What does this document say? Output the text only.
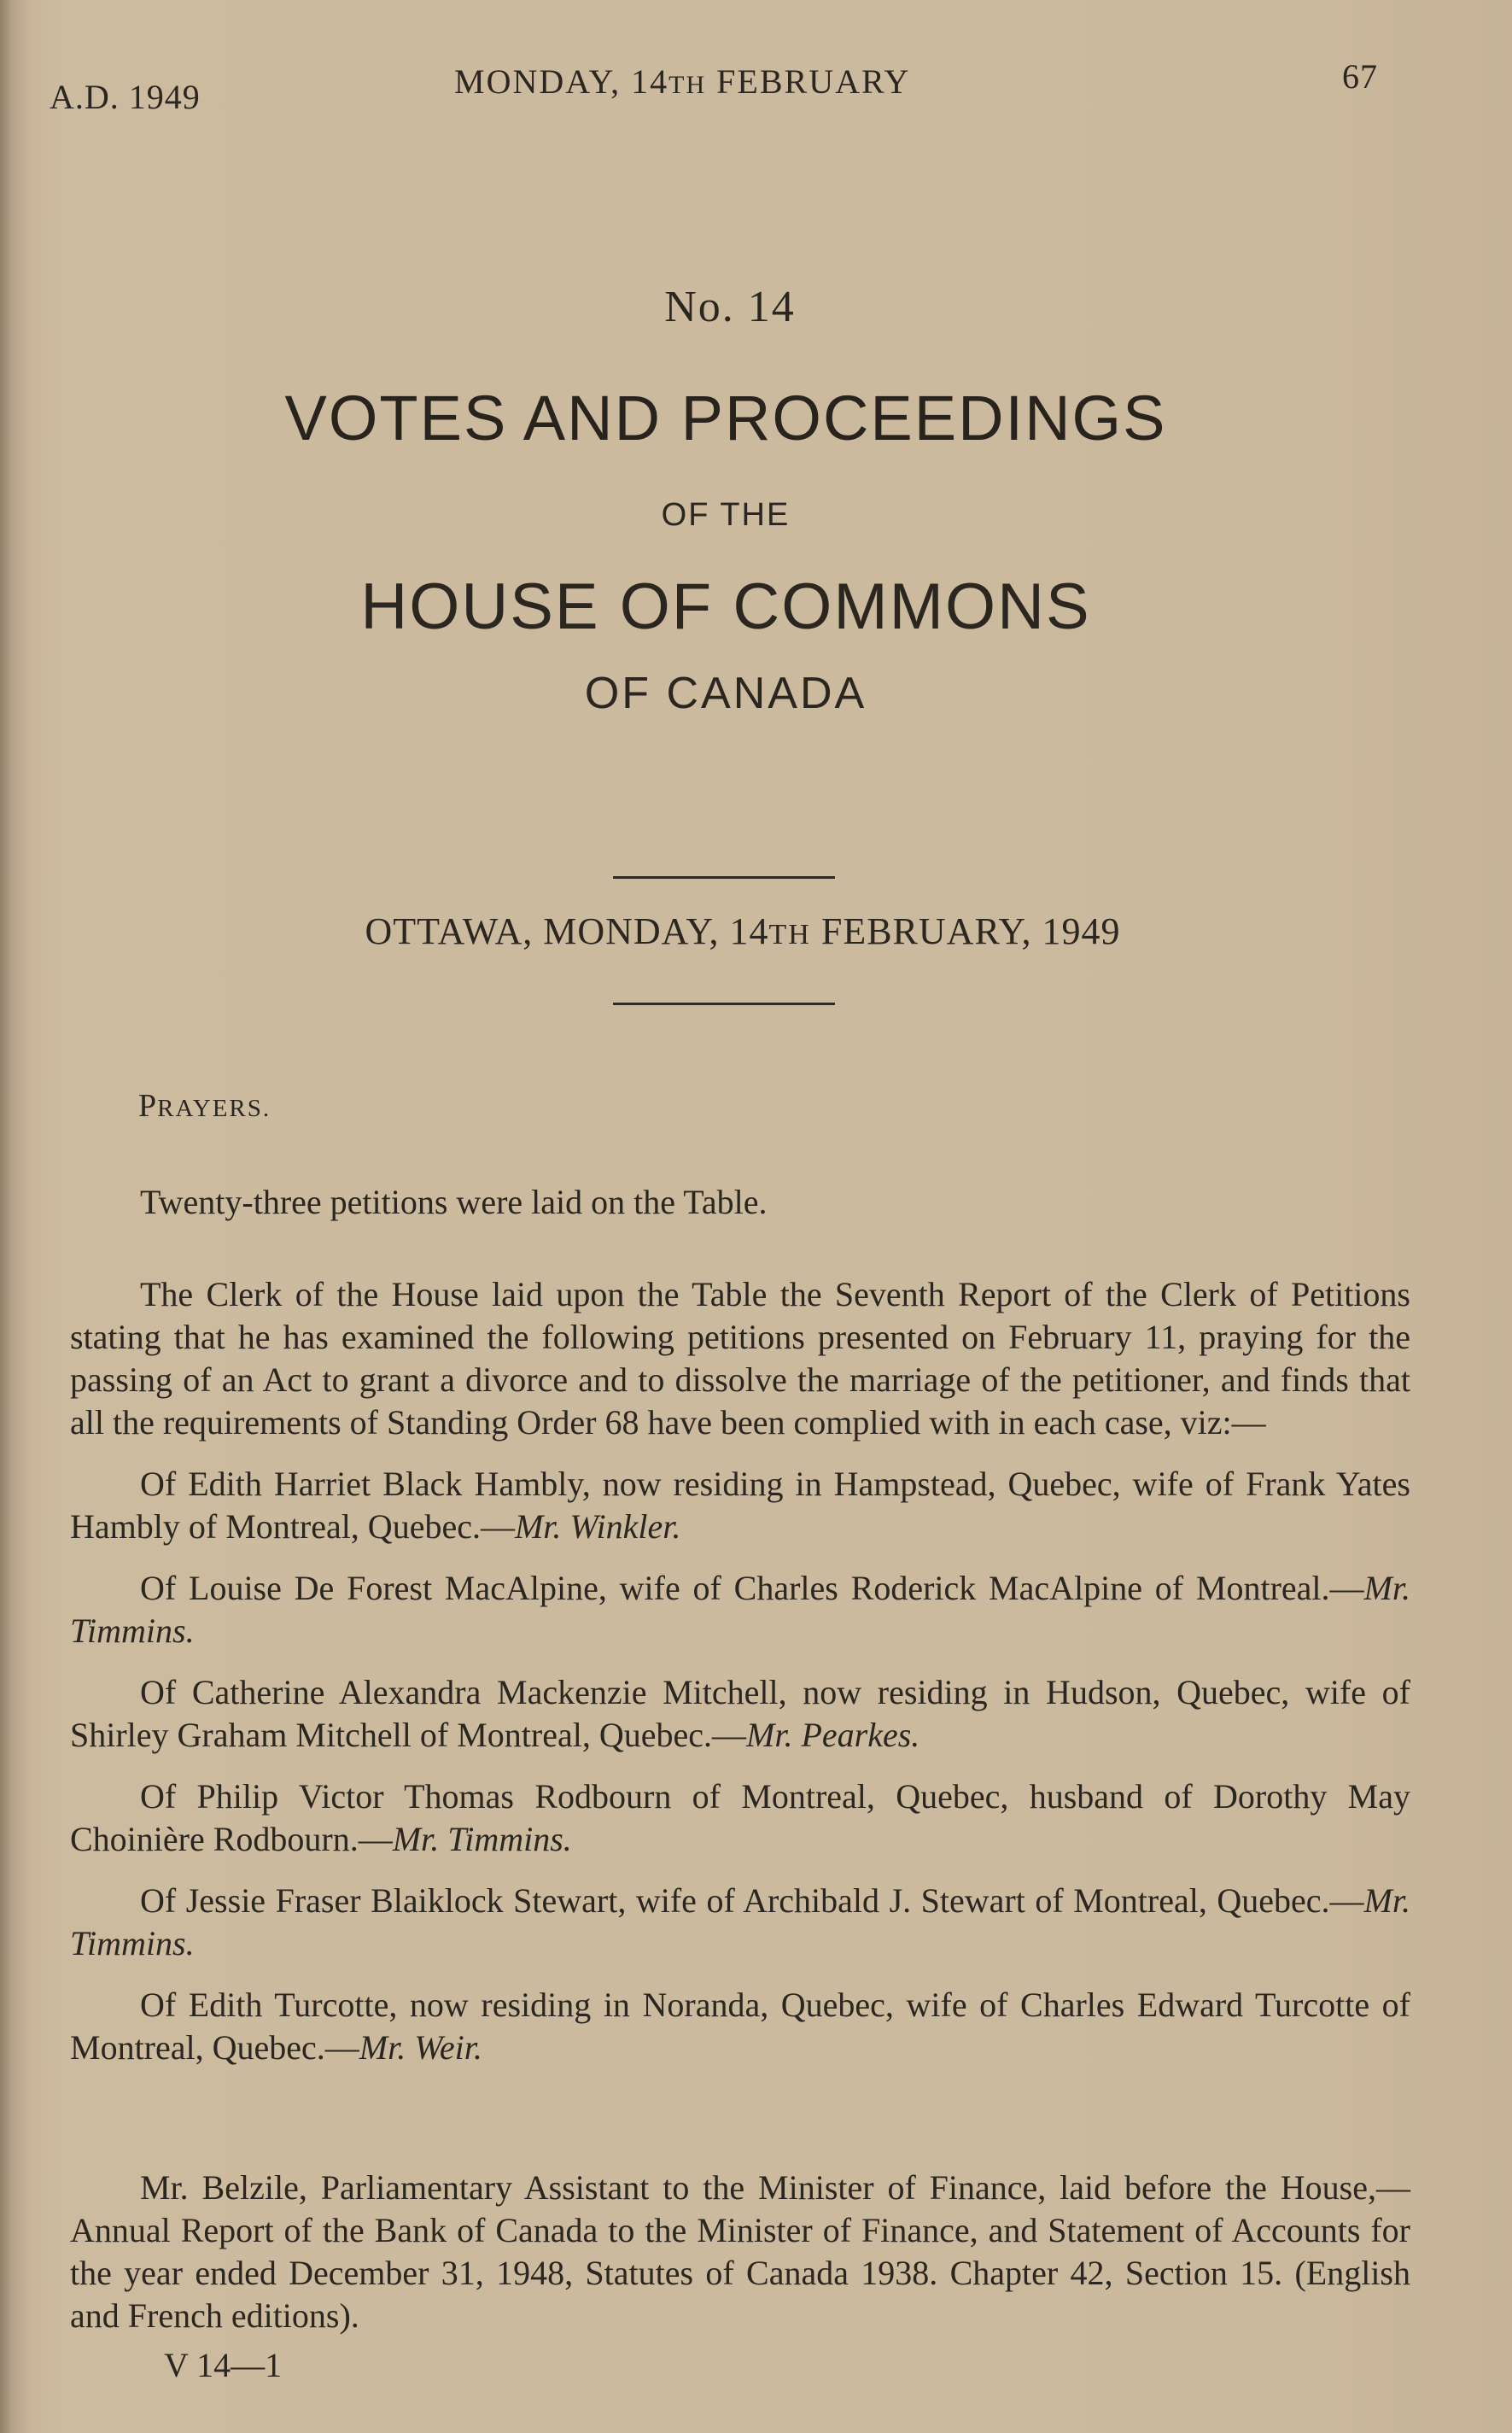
A.D. 1949	MONDAY, 14TH FEBRUARY	67
No. 14
VOTES AND PROCEEDINGS
OF THE
HOUSE OF COMMONS
OF CANADA
OTTAWA, MONDAY, 14TH FEBRUARY, 1949

PRAYERS.

Twenty-three petitions were laid on the Table.

The Clerk of the House laid upon the Table the Seventh Report of the Clerk of Petitions stating that he has examined the following petitions presented on February 11, praying for the passing of an Act to grant a divorce and to dissolve the marriage of the petitioner, and finds that all the requirements of Standing Order 68 have been complied with in each case, viz:—

Of Edith Harriet Black Hambly, now residing in Hampstead, Quebec, wife of Frank Yates Hambly of Montreal, Quebec.—Mr. Winkler.

Of Louise De Forest MacAlpine, wife of Charles Roderick MacAlpine of Montreal.—Mr. Timmins.

Of Catherine Alexandra Mackenzie Mitchell, now residing in Hudson, Quebec, wife of Shirley Graham Mitchell of Montreal, Quebec.—Mr. Pearkes.

Of Philip Victor Thomas Rodbourn of Montreal, Quebec, husband of Dorothy May Choinière Rodbourn.—Mr. Timmins.

Of Jessie Fraser Blaiklock Stewart, wife of Archibald J. Stewart of Montreal, Quebec.—Mr. Timmins.

Of Edith Turcotte, now residing in Noranda, Quebec, wife of Charles Edward Turcotte of Montreal, Quebec.—Mr. Weir.

Mr. Belzile, Parliamentary Assistant to the Minister of Finance, laid before the House,—Annual Report of the Bank of Canada to the Minister of Finance, and Statement of Accounts for the year ended December 31, 1948, Statutes of Canada 1938. Chapter 42, Section 15. (English and French editions).

V 14—1
